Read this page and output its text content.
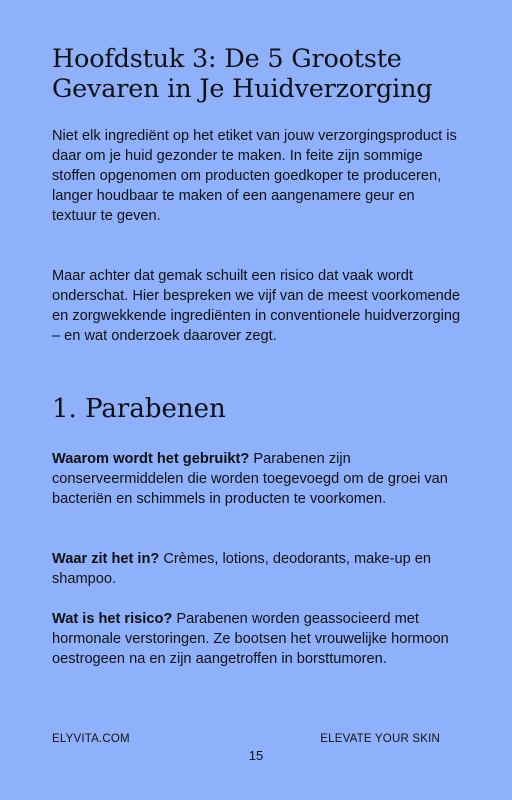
Hoofdstuk 3: De 5 Grootste Gevaren in Je Huidverzorging

Niet elk ingrediënt op het etiket van jouw verzorgingsproduct is daar om je huid gezonder te maken. In feite zijn sommige stoffen opgenomen om producten goedkoper te produceren, langer houdbaar te maken of een aangenamere geur en textuur te geven.

Maar achter dat gemak schuilt een risico dat vaak wordt onderschat. Hier bespreken we vijf van de meest voorkomende en zorgwekkende ingrediënten in conventionele huidverzorging – en wat onderzoek daarover zegt.

1. Parabenen

Waarom wordt het gebruikt? Parabenen zijn conserveermiddelen die worden toegevoegd om de groei van bacteriën en schimmels in producten te voorkomen.

Waar zit het in? Crèmes, lotions, deodorants, make-up en shampoo.

Wat is het risico? Parabenen worden geassocieerd met hormonale verstoringen. Ze bootsen het vrouwelijke hormoon oestrogeen na en zijn aangetroffen in borsttumoren.

ELYVITA.COM	ELEVATE YOUR SKIN
15
